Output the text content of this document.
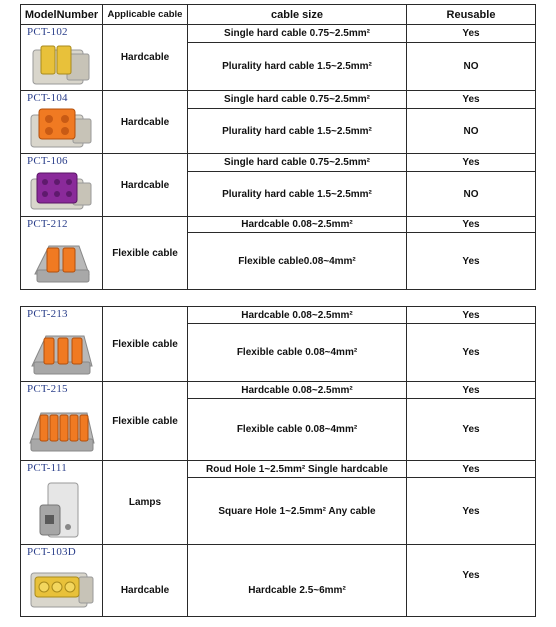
ModelNumber	Applicable cable	cable size	Reusable

PCT-102	Hardcable	Single hard cable 0.75~2.5mm²	Yes
		Plurality hard cable 1.5~2.5mm²	NO

PCT-104	Hardcable	Single hard cable 0.75~2.5mm²	Yes
		Plurality hard cable 1.5~2.5mm²	NO

PCT-106	Hardcable	Single hard cable 0.75~2.5mm²	Yes
		Plurality hard cable 1.5~2.5mm²	NO

PCT-212	Flexible cable	Hardcable 0.08~2.5mm²	Yes
		Flexible cable0.08~4mm²	Yes
PCT-213	Flexible cable	Hardcable 0.08~2.5mm²	Yes
		Flexible cable 0.08~4mm²	Yes

PCT-215	Flexible cable	Hardcable 0.08~2.5mm²	Yes
		Flexible cable 0.08~4mm²	Yes

PCT-111	Lamps	Roud Hole 1~2.5mm² Single hardcable	Yes
		Square Hole 1~2.5mm² Any cable	Yes

PCT-103D	Hardcable	Hardcable 2.5~6mm²	Yes
